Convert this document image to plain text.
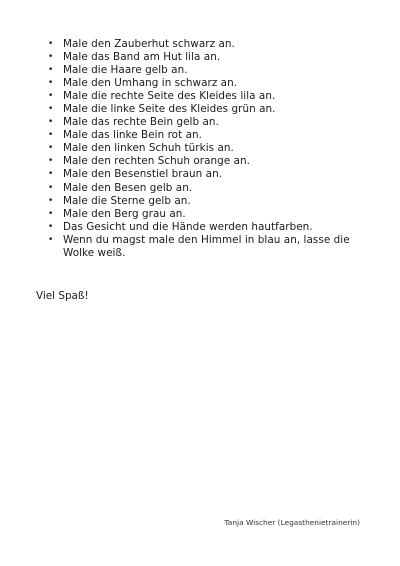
• Male den Zauberhut schwarz an.
• Male das Band am Hut lila an.
• Male die Haare gelb an.
• Male den Umhang in schwarz an.
• Male die rechte Seite des Kleides lila an.
• Male die linke Seite des Kleides grün an.
• Male das rechte Bein gelb an.
• Male das linke Bein rot an.
• Male den linken Schuh türkis an.
• Male den rechten Schuh orange an.
• Male den Besenstiel braun an.
• Male den Besen gelb an.
• Male die Sterne gelb an.
• Male den Berg grau an.
• Das Gesicht und die Hände werden hautfarben.
• Wenn du magst male den Himmel in blau an, lasse die Wolke weiß.
Viel Spaß!
Tanja Wischer (Legasthenietrainerin)
